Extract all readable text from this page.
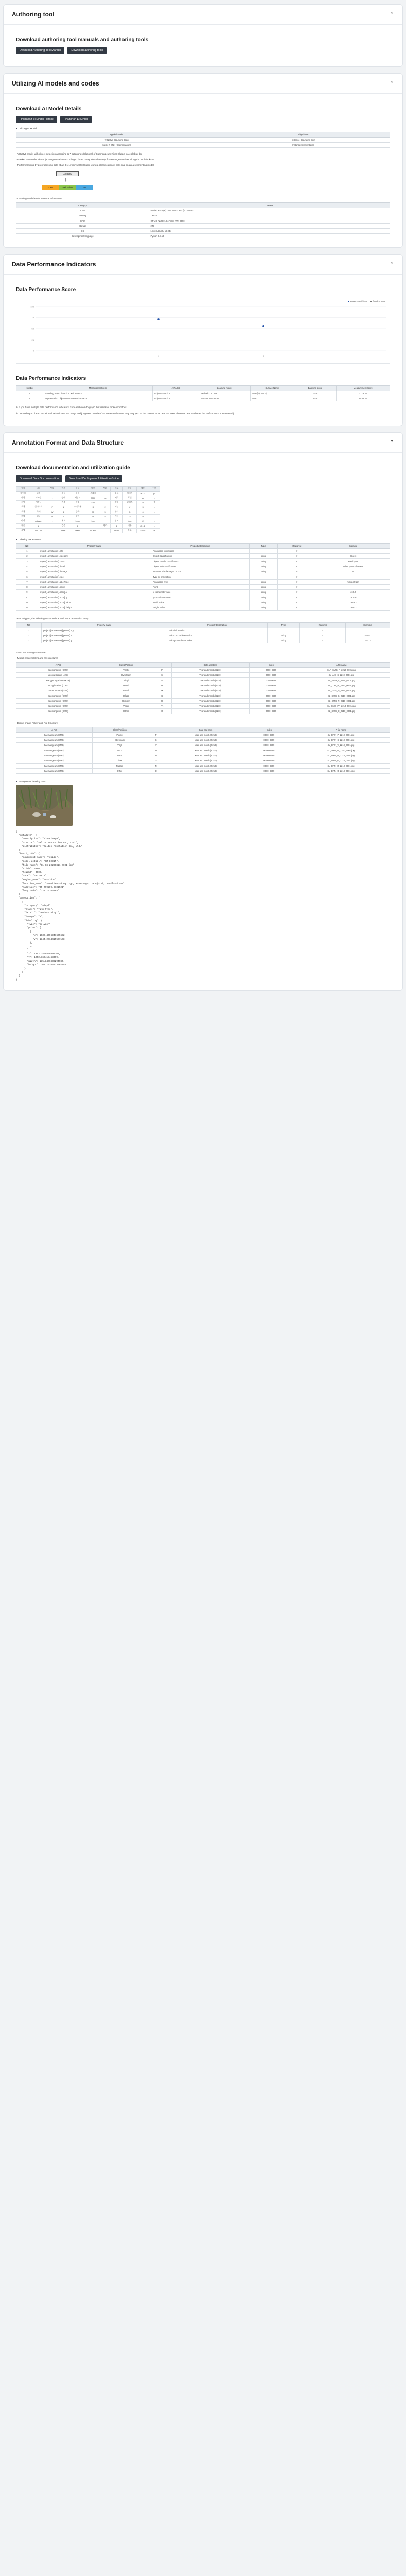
Authoring tool	⌃
Download authoring tool manuals and authoring tools
Download Authoring Tool Manual	Download authoring tools
Utilizing AI models and codes	⌃
Download AI Model Details
Download AI Model Details	Download AI Model
■ Utilizing AI Model
Applied Model	Algorithms
YOLOv8 (Bounding Box)	Instance (Bounding Box)
Mask R-CNN (Segmentation)	Instance Segmentation
- YOLOv8 model with object detection according to 7 categories (classes) of Saemangeum River Sludge in Jeollabuk-do
- MaskRCNN model with object segmentation according to three categories (classes) of Saemangeum River Sludge in Jeollabuk-do
- Perform training by preprocessing data at an 8:1:1 (train:val:test) ratio using a classification of cells and an area segmenting model
All Data
↓
Train	Validation	Test
- Learning Model Environmental Information
Category	Content
CPU	Intel(R) Xeon(R) Gold 6148 CPU @ 2.40GHz
Memory	192GB
GPU	GPU: 8 NVIDIA GeForce RTX 3090
Storage	2TB
OS	Linux (Ubuntu 18.04)
Development language	Python 3.8.10
Data Performance Indicators	⌃
Data Performance Score
Measurement Score	Baseline score
100
75
50
25
0
1	2
Data Performance Indicators
Number	Measurement item	AI TASK	Learning model	Surface Name	Baseline score	Measurement score
1	Bounding object detection performance	Object Detection	Method YOLO v8	mAP@[IoU 0.5]	70 %	71.08 %
2	Segmentation Object Detection Performance	Object Detection	MaskRCNN-resnet	mIoU	50 %	55.99 %
※ If you have multiple data performance indicators, click each item to graph the values of those indicators.
※ Depending on the AI model evaluation index, the range and judgment criteria of the measured values may vary. (ex. In the case of error rate, the lower the error rate, the better the performance is evaluated.)
Annotation Format and Data Structure	⌃
Download documentation and utilization guide
Download Data Documentation	Download Deployment Utilization Guide
항목	내용	단위	비고	항목	내용	단위	비고	항목	내용	단위
데이터	하천	-	수집	유형	쓰레기	-	분류	이미지	4000	px
촬영	모바일	-	장비	해상도	3000	px	세로	포맷	jpg	-
지역	새만금	-	전북	수집	2210	-	연월	클래스	9	종
객체	플라스틱	P	1	스티로폼	S	2	비닐	V	3	-
객체	목재	W	4	금속	M	5	유리	G	6	-
객체	고무	R	7	종이	PA	8	기타	O	9	-
라벨	polygon	-	세그	bbox	box	-	탐지	json	1:1	-
학습	8	:	검증	1	:	평가	1	비율	8:1:1	-
모델	YOLOv8	-	mAP	Mask	RCNN	-	mIoU	목표	70/50	%
■ Labeling Data Format
NO	Property name	Property Description	Type	Required	Example
1	project[].annotation[].info	Annotation information		Y	
2	project[].annotation[].category	Object classification	string	Y	Object
3	project[].annotation[].class	Object middle classification	string	Y	Food type
4	project[].annotation[].detail	Object Subclassification	string	Y	Other types of waste
5	project[].annotation[].damage	Whether it is damaged or not	string	N	0
6	project[].annotation[].type	Type of annotation		Y	
7	project[].annotation[].labelType	Annotation type	string	Y	mini polygon
8	project[].annotation[].points	Point	string	Y	
9	project[].annotation[].bbox[].x	x-coordinate value	string	Y	410.2
10	project[].annotation[].bbox[].y	y-coordinate value	string	Y	120.36
11	project[].annotation[].bbox[].width	Width value	string	Y	134.93
12	project[].annotation[].bbox[].height	Height value	string	Y	139.32
- For Polygon, the following structure is added to the annotation entry
NO	Property name	Property Description	Type	Required	Example
1	project[].annotation[].points[].x,y	Point information		Y	
2	project[].annotation[].points[].x	Point X-coordinate value	string	Y	382.51
3	project[].annotation[].points[].y	Point y-coordinate value	string	Y	187.12
Raw Data Storage Structure
- Model image folders and file structures
A Pot	Class/Position		Date and time	Index	A file name
Saemangeum (SMG)	Plastic	P	Year and month (2210)	0000~9999	SLP_SMG_P_2210_0001.jpg
Jeonju Stream (JJS)	Styrofoam	S	Year and month (2210)	0000~9999	SL_JJS_S_2210_0001.jpg
Mangyeong River (MGR)	Vinyl	V	Year and month (2210)	0000~9999	SL_MGR_V_2210_0001.jpg
Dongjin River (DJR)	Wood	W	Year and month (2210)	0000~9999	SL_DJR_W_2210_0001.jpg
Gosan Stream (GSS)	Metal	M	Year and month (2210)	0000~9999	SL_GSS_M_2210_0001.jpg
Saemangeum (SMG)	Glass	G	Year and month (2210)	0000~9999	SL_SMG_G_2210_0001.jpg
Saemangeum (SMG)	Rubber	R	Year and month (2210)	0000~9999	SL_SMG_R_2210_0001.jpg
Saemangeum (SMG)	Paper	PA	Year and month (2210)	0000~9999	SL_SMG_PA_2210_0001.jpg
Saemangeum (SMG)	Other	O	Year and month (2210)	0000~9999	SL_SMG_O_2210_0001.jpg
- Drone Image Folder and File Structure
A Pot	Class/Position		Date and time	Index	A file name
Saemangeum (SMG)	Plastic	P	Year and month (2210)	0000~9999	SL_DRN_P_2210_0001.jpg
Saemangeum (SMG)	Styrofoam	S	Year and month (2210)	0000~9999	SL_DRN_S_2210_0001.jpg
Saemangeum (SMG)	Vinyl	V	Year and month (2210)	0000~9999	SL_DRN_V_2210_0001.jpg
Saemangeum (SMG)	Wood	W	Year and month (2210)	0000~9999	SL_DRN_W_2210_0001.jpg
Saemangeum (SMG)	Metal	M	Year and month (2210)	0000~9999	SL_DRN_M_2210_0001.jpg
Saemangeum (SMG)	Glass	G	Year and month (2210)	0000~9999	SL_DRN_G_2210_0001.jpg
Saemangeum (SMG)	Rubber	R	Year and month (2210)	0000~9999	SL_DRN_R_2210_0001.jpg
Saemangeum (SMG)	Other	O	Year and month (2210)	0000~9999	SL_DRN_O_2210_0001.jpg
■ Examples of labeling data
{
"metaData": {
"description": "Riverimage",
"creator": "Saltus Annotation Co., Ltd.",
"distributor": "Saltus Annotation Co., Ltd."
},
"board_info": {
"equipment_name": "Mobile",
"model_detail": "SM-G991N",
"file_name": "SL_SC_20220811_0001.jpg",
"width": 4000,
"height": 3000,
"date": "20220811",
"region_name": "Poseidon",
"location_name": "Sanmideon-dong 1-gu, Wansan-gu, Jeonju-si, Jeollabuk-do",
"latitude": "35.799209,2101521",
"longitude": "127.12163004"
},
"annotation": [
{
"category": "vinyl",
"class": "film-type",
"detail": "product vinyl",
"damage": "0",
"labeling": {
"type": "polygon",
"point": [
{
"x": 1936.4496947635632,
"y": 1344.2614415567168
},
...
],
"x": 1852.2499469896104,
"y": 1252.163419468399,
"width": 135.8466836294984,
"height": 161.75356913602854
}
}
]
}
